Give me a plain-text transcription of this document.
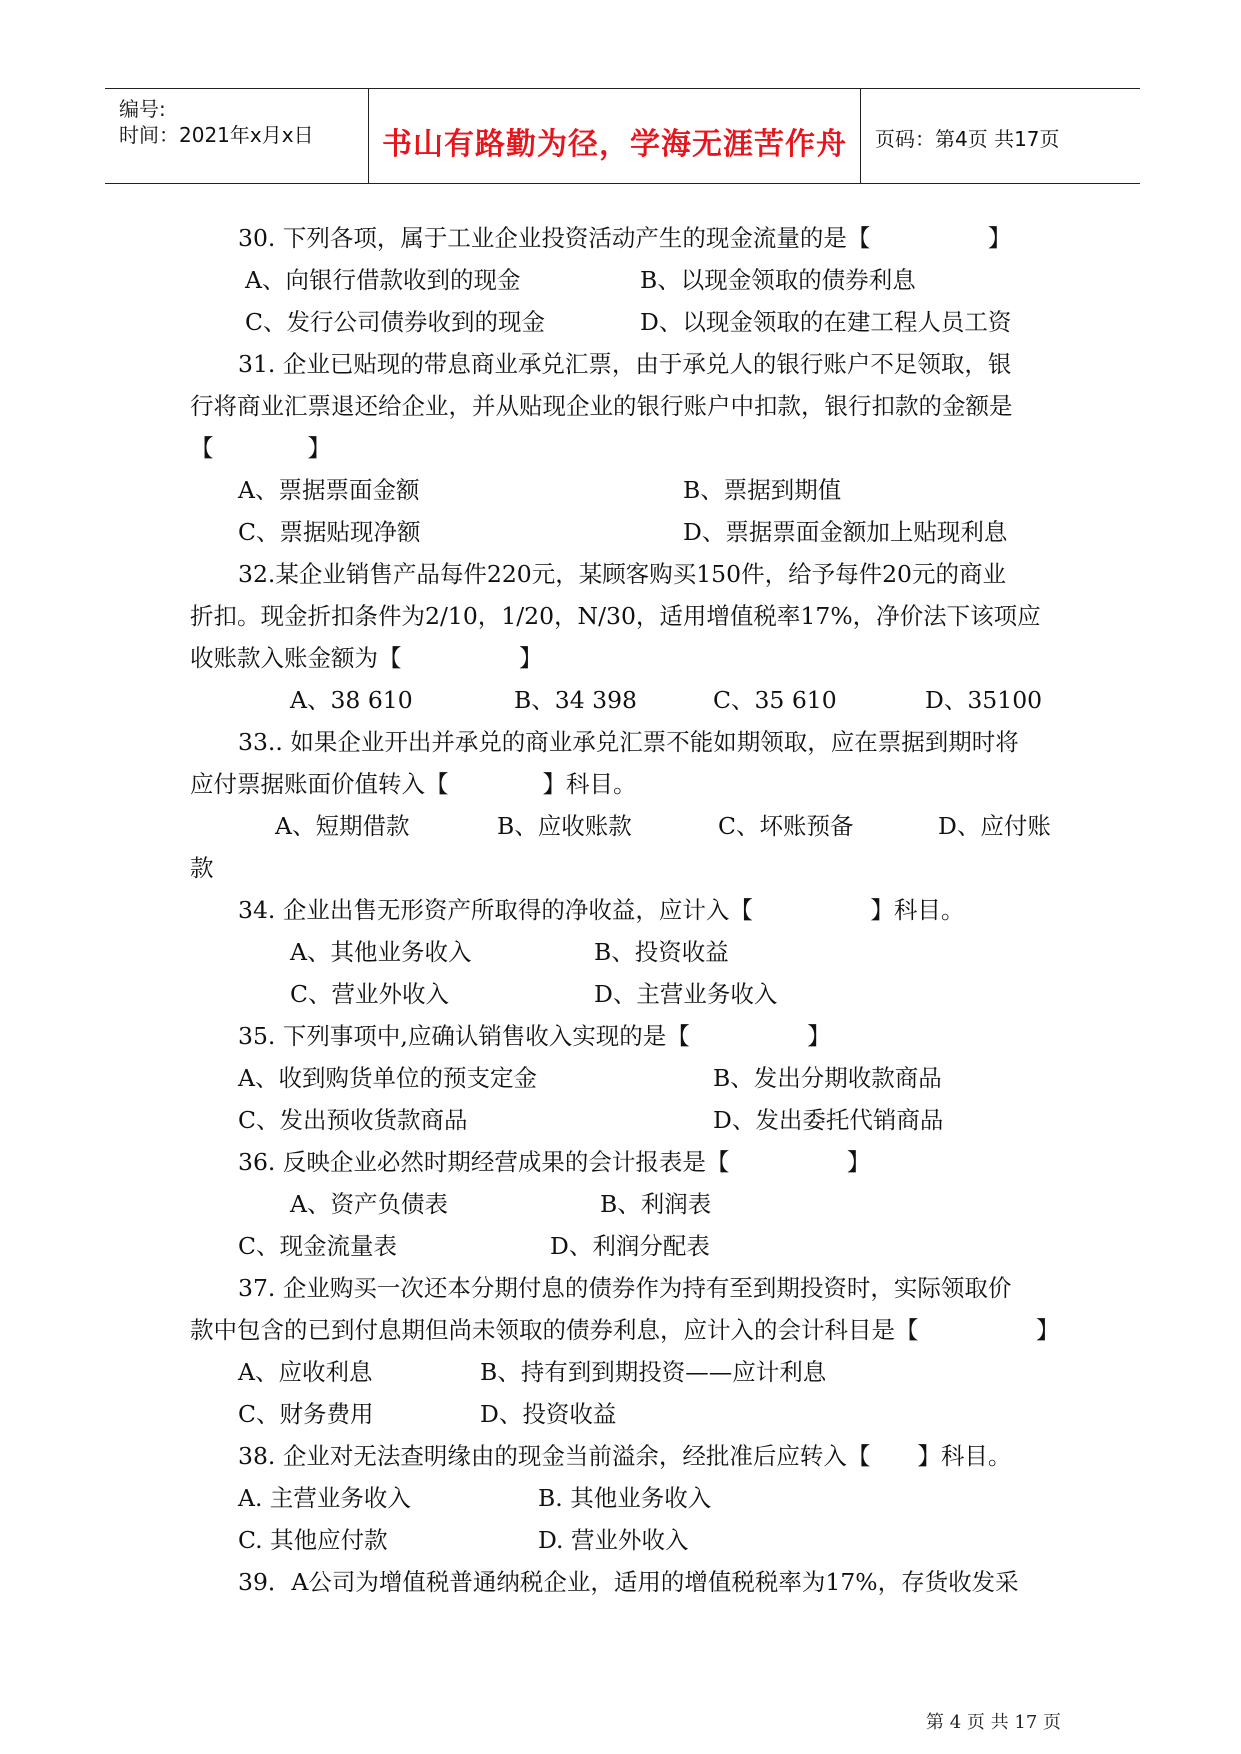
编号:
时间：2021年x月x日	书山有路勤为径，学海无涯苦作舟	页码：第4页 共17页
30. 下列各项，属于工业企业投资活动产生的现金流量的是【　　　　　】
A、向银行借款收到的现金	B、以现金领取的债券利息
C、发行公司债券收到的现金	D、以现金领取的在建工程人员工资
31. 企业已贴现的带息商业承兑汇票，由于承兑人的银行账户不足领取，银
行将商业汇票退还给企业，并从贴现企业的银行账户中扣款，银行扣款的金额是
【　　　　】
A、票据票面金额	B、票据到期值
C、票据贴现净额	D、票据票面金额加上贴现利息
32.某企业销售产品每件220元，某顾客购买150件，给予每件20元的商业
折扣。现金折扣条件为2/10，1/20，N/30，适用增值税率17%，净价法下该项应
收账款入账金额为【　　　　　】
A、38 610	B、34 398	C、35 610	D、35100
33.. 如果企业开出并承兑的商业承兑汇票不能如期领取，应在票据到期时将
应付票据账面价值转入【　　　　】科目。
A、短期借款	B、应收账款	C、坏账预备	D、应付账
款
34. 企业出售无形资产所取得的净收益，应计入【　　　　　】科目。
A、其他业务收入	B、投资收益
C、营业外收入	D、主营业务收入
35. 下列事项中,应确认销售收入实现的是【　　　　　】
A、收到购货单位的预支定金	B、发出分期收款商品
C、发出预收货款商品	D、发出委托代销商品
36. 反映企业必然时期经营成果的会计报表是【　　　　　】
A、资产负债表	B、利润表
C、现金流量表	D、利润分配表
37. 企业购买一次还本分期付息的债券作为持有至到期投资时，实际领取价
款中包含的已到付息期但尚未领取的债券利息，应计入的会计科目是【　　　　　】
A、应收利息	B、持有到到期投资——应计利息
C、财务费用	D、投资收益
38. 企业对无法查明缘由的现金当前溢余，经批准后应转入【　　】科目。
A. 主营业务收入	B. 其他业务收入
C. 其他应付款	D. 营业外收入
39．A公司为增值税普通纳税企业，适用的增值税税率为17%，存货收发采
第 4 页 共 17 页
